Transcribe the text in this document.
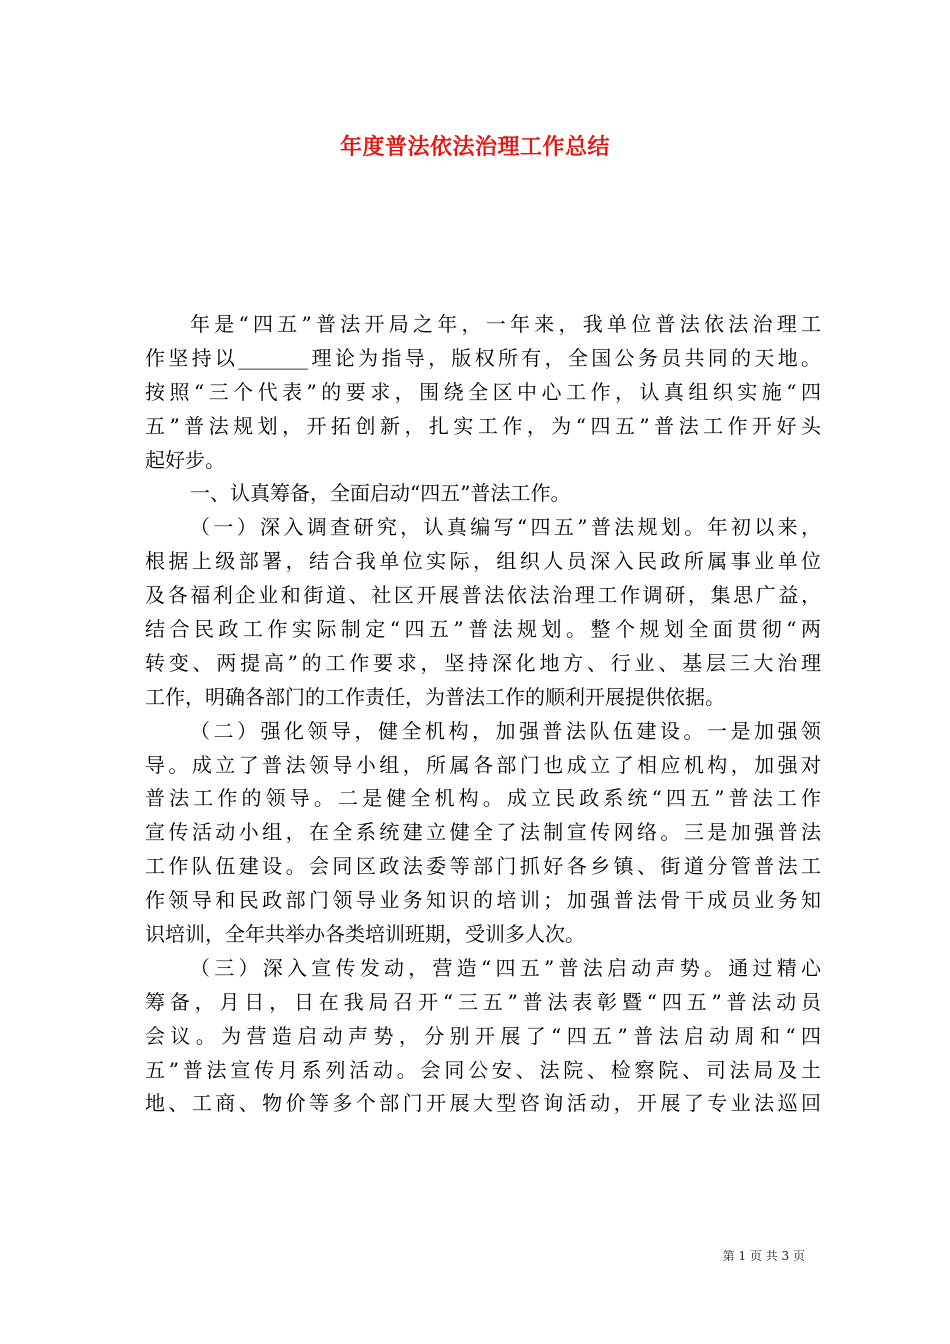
年度普法依法治理工作总结
年是“四五”普法开局之年，一年来，我单位普法依法治理工
作坚持以_______理论为指导，版权所有，全国公务员共同的天地。
按照“三个代表”的要求，围绕全区中心工作，认真组织实施“四
五”普法规划，开拓创新，扎实工作，为“四五”普法工作开好头
起好步。
一、认真筹备，全面启动“四五”普法工作。
（一）深入调查研究，认真编写“四五”普法规划。年初以来，
根据上级部署，结合我单位实际，组织人员深入民政所属事业单位
及各福利企业和街道、社区开展普法依法治理工作调研，集思广益，
结合民政工作实际制定“四五”普法规划。整个规划全面贯彻“两
转变、两提高”的工作要求，坚持深化地方、行业、基层三大治理
工作，明确各部门的工作责任，为普法工作的顺利开展提供依据。
（二）强化领导，健全机构，加强普法队伍建设。一是加强领
导。成立了普法领导小组，所属各部门也成立了相应机构，加强对
普法工作的领导。二是健全机构。成立民政系统“四五”普法工作
宣传活动小组，在全系统建立健全了法制宣传网络。三是加强普法
工作队伍建设。会同区政法委等部门抓好各乡镇、街道分管普法工
作领导和民政部门领导业务知识的培训；加强普法骨干成员业务知
识培训，全年共举办各类培训班期，受训多人次。
（三）深入宣传发动，营造“四五”普法启动声势。通过精心
筹备，月日，日在我局召开“三五”普法表彰暨“四五”普法动员
会议。为营造启动声势，分别开展了“四五”普法启动周和“四
五”普法宣传月系列活动。会同公安、法院、检察院、司法局及土
地、工商、物价等多个部门开展大型咨询活动，开展了专业法巡回
第 1 页 共 3 页
